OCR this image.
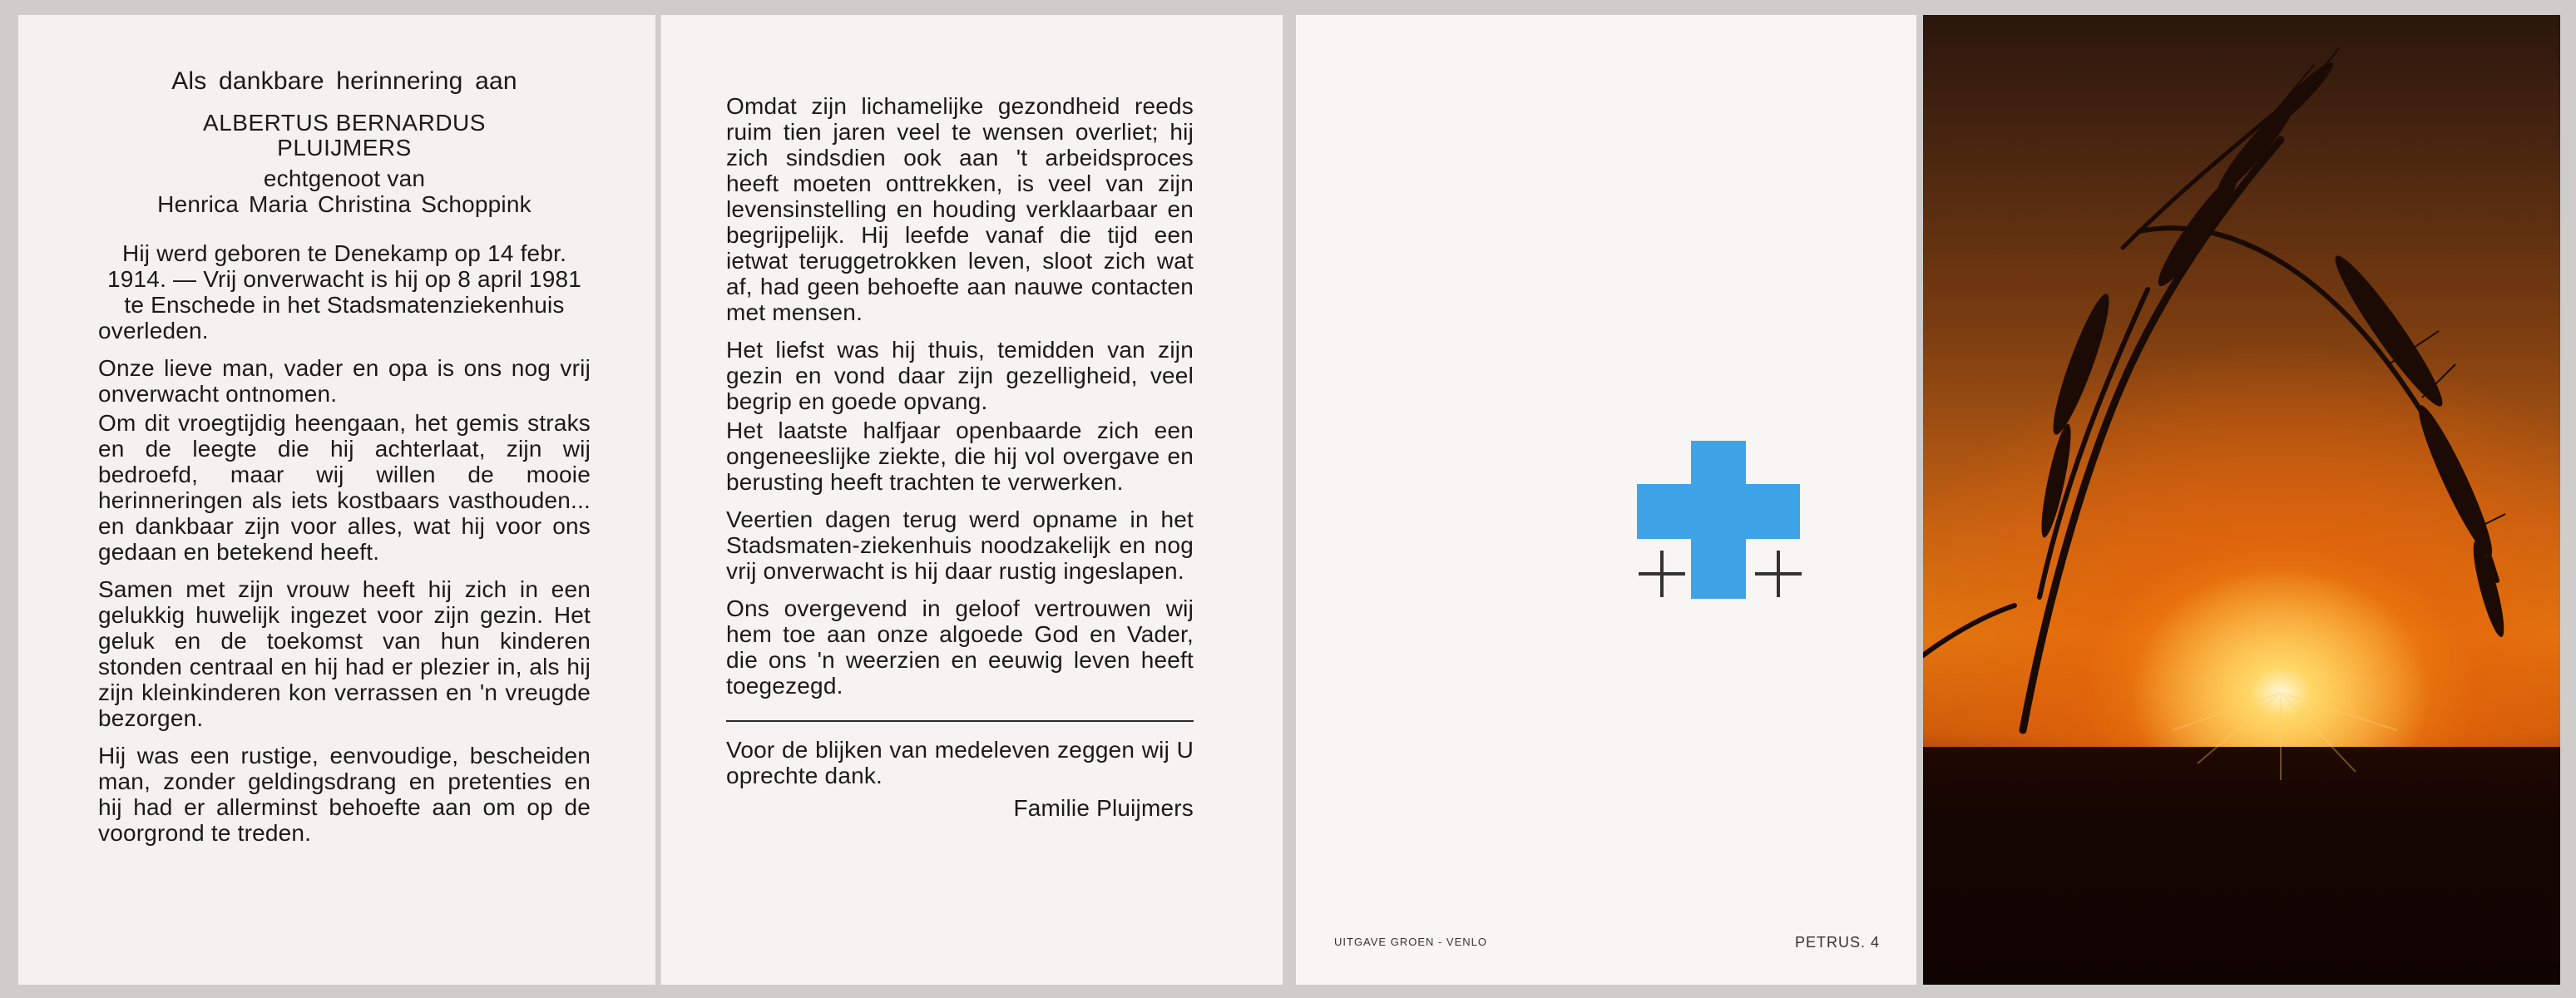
Als dankbare herinnering aan
ALBERTUS BERNARDUS
PLUIJMERS
echtgenoot van
Henrica Maria Christina Schoppink

Hij werd geboren te Denekamp op 14 febr. 1914. — Vrij onverwacht is hij op 8 april 1981 te Enschede in het Stadsmatenziekenhuis overleden.

Onze lieve man, vader en opa is ons nog vrij onverwacht ontnomen.

Om dit vroegtijdig heengaan, het gemis straks en de leegte die hij achterlaat, zijn wij bedroefd, maar wij willen de mooie herinneringen als iets kostbaars vasthouden... en dankbaar zijn voor alles, wat hij voor ons gedaan en betekend heeft.

Samen met zijn vrouw heeft hij zich in een gelukkig huwelijk ingezet voor zijn gezin. Het geluk en de toekomst van hun kinderen stonden centraal en hij had er plezier in, als hij zijn kleinkinderen kon verrassen en 'n vreugde bezorgen.

Hij was een rustige, eenvoudige, bescheiden man, zonder geldingsdrang en pretenties en hij had er allerminst behoefte aan om op de voorgrond te treden.

Omdat zijn lichamelijke gezondheid reeds ruim tien jaren veel te wensen overliet; hij zich sindsdien ook aan 't arbeidsproces heeft moeten onttrekken, is veel van zijn levensinstelling en houding verklaarbaar en begrijpelijk. Hij leefde vanaf die tijd een ietwat teruggetrokken leven, sloot zich wat af, had geen behoefte aan nauwe contacten met mensen.

Het liefst was hij thuis, temidden van zijn gezin en vond daar zijn gezelligheid, veel begrip en goede opvang.

Het laatste halfjaar openbaarde zich een ongeneeslijke ziekte, die hij vol overgave en berusting heeft trachten te verwerken.

Veertien dagen terug werd opname in het Stadsmaten-ziekenhuis noodzakelijk en nog vrij onverwacht is hij daar rustig ingeslapen.

Ons overgevend in geloof vertrouwen wij hem toe aan onze algoede God en Vader, die ons 'n weerzien en eeuwig leven heeft toegezegd.

Voor de blijken van medeleven zeggen wij U oprechte dank.

Familie Pluijmers
UITGAVE GROEN - VENLO	PETRUS. 4
